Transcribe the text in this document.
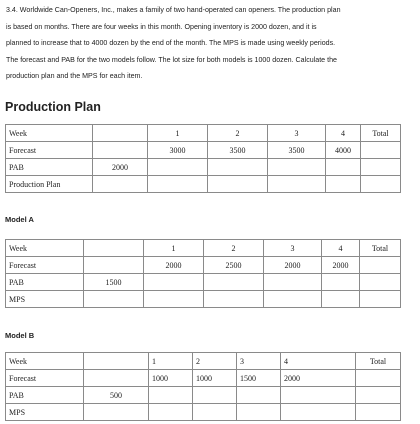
3.4. Worldwide Can-Openers, Inc., makes a family of two hand-operated can openers. The production plan
is based on months. There are four weeks in this month. Opening inventory is 2000 dozen, and it is
planned to increase that to 4000 dozen by the end of the month. The MPS is made using weekly periods.
The forecast and PAB for the two models follow. The lot size for both models is 1000 dozen. Calculate the
production plan and the MPS for each item.
Production Plan
Week		1	2	3	4	Total
Forecast		3000	3500	3500	4000	
PAB	2000					
Production Plan						
Model A
Week		1	2	3	4	Total
Forecast		2000	2500	2000	2000	
PAB	1500					
MPS						
Model B
Week		1	2	3	4	Total
Forecast		1000	1000	1500	2000	
PAB	500					
MPS						
